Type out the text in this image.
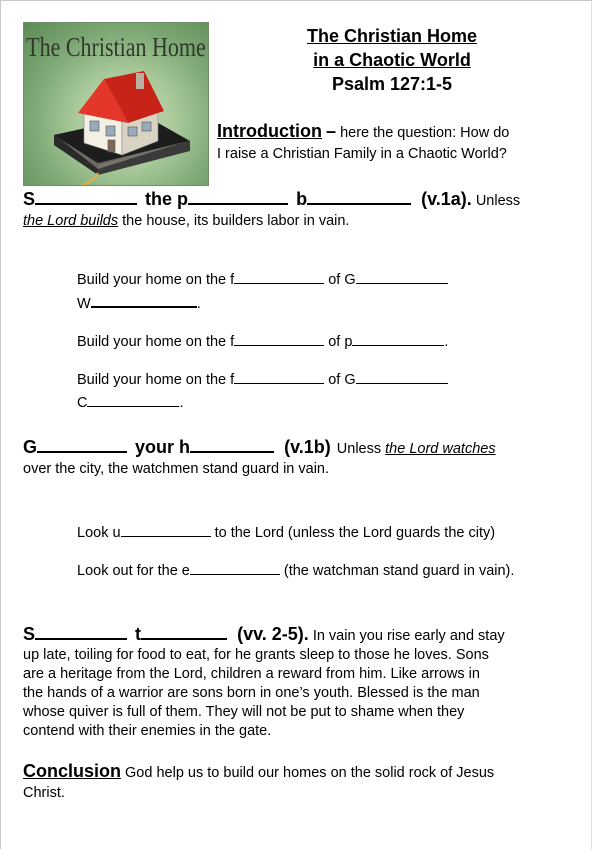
The Christian Home	The Christian Home
in a Chaotic World
Psalm 127:1-5
Introduction – here the question: How do
I raise a Christian Family in a Chaotic World?
S	the p	b	(v.1a). Unless
the Lord builds the house, its builders labor in vain.
Build your home on the f	of G
W	.
Build your home on the f	of p	.
Build your home on the f	of G
C	.
G	your h	(v.1b) Unless the Lord watches
over the city, the watchmen stand guard in vain.
Look u	to the Lord (unless the Lord guards the city)
Look out for the e	(the watchman stand guard in vain).
S	t	(vv. 2-5). In vain you rise early and stay
up late, toiling for food to eat, for he grants sleep to those he loves. Sons
are a heritage from the Lord, children a reward from him. Like arrows in
the hands of a warrior are sons born in one’s youth. Blessed is the man
whose quiver is full of them. They will not be put to shame when they
contend with their enemies in the gate.
Conclusion God help us to build our homes on the solid rock of Jesus
Christ.
